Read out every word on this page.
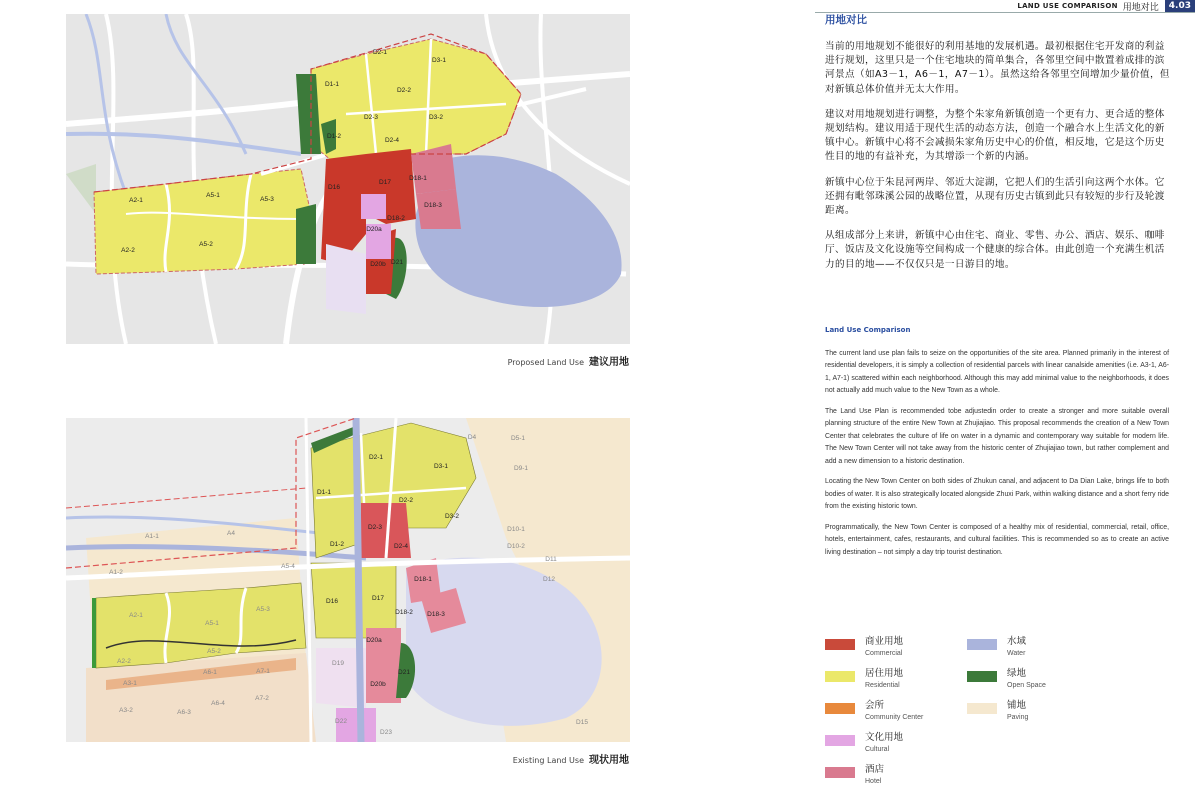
LAND USE COMPARISON 用地对比	4.03
D2-1
D3-1
D1-1
D2-2
D2-3	D3-2
D1-2
D2-4
D16
D17
D18-1
D18-2
D18-3
D20a
D20b D21
A2-1
A5-1
A5-3
A2-2
A5-2
Proposed Land Use 建议用地
D2-1
D3-1
D1-1
D2-2
D3-2
D1-2
D2-3
D2-4
D16	D17
D18-1
D18-2 D18-3
D20a
D20b
D21
D19
D22
D23
A1-1
A1-2
A2-1
A5-1
A5-3
A2-2
A5-2
A4
A3-1
A6-1	A7-1
A3-2	A6-3
A6-4
A7-2
D4	D5-1
D10-1
D10-2
D11
D12
D15
D9-1
A5-4
Existing Land Use 现状用地
用地对比

当前的用地规划不能很好的利用基地的发展机遇。最初根据住宅开发商的利益进行规划，这里只是一个住宅地块的简单集合，各邻里空间中散置着成排的滨河景点（如A3－1，A6－1，A7－1）。虽然这给各邻里空间增加少量价值，但对新镇总体价值并无太大作用。

建议对用地规划进行调整，为整个朱家角新镇创造一个更有力、更合适的整体规划结构。建议用适于现代生活的动态方法，创造一个融合水上生活文化的新镇中心。新镇中心将不会减损朱家角历史中心的价值，相反地，它是这个历史性目的地的有益补充，为其增添一个新的内涵。

新镇中心位于朱昆河两岸、邻近大淀湖，它把人们的生活引向这两个水体。它还拥有毗邻珠溪公园的战略位置，从现有历史古镇到此只有较短的步行及轮渡距离。

从组成部分上来讲，新镇中心由住宅、商业、零售、办公、酒店、娱乐、咖啡厅、饭店及文化设施等空间构成一个健康的综合体。由此创造一个充满生机活力的目的地——不仅仅只是一日游目的地。

Land Use Comparison

The current land use plan fails to seize on the opportunities of the site area. Planned primarily in the interest of residential developers, it is simply a collection of residential parcels with linear canalside amenities (i.e. A3-1, A6-1, A7-1) scattered within each neighborhood. Although this may add minimal value to the neighborhoods, it does not actually add much value to the New Town as a whole.

The Land Use Plan is recommended tobe adjustedin order to create a stronger and more suitable overall planning structure of the entire New Town at Zhujiajiao. This proposal recommends the creation of a New Town Center that celebrates the culture of life on water in a dynamic and contemporary way suitable for modern life. The New Town Center will not take away from the historic center of Zhujiajiao town, but rather complement and add a new dimension to a historic destination.

Locating the New Town Center on both sides of Zhukun canal, and adjacent to Da Dian Lake, brings life to both bodies of water. It is also strategically located alongside Zhuxi Park, within walking distance and a short ferry ride from the existing historic town.

Programmatically, the New Town Center is composed of a healthy mix of residential, commercial, retail, office, hotels, entertainment, cafes, restaurants, and cultural facilities. This is recommended so as to create an active living destination – not simply a day trip tourist destination.

商业用地
Commercial
水域
Water
居住用地
Residential
绿地
Open Space
会所
Community Center
铺地
Paving
文化用地
Cultural
酒店
Hotel
